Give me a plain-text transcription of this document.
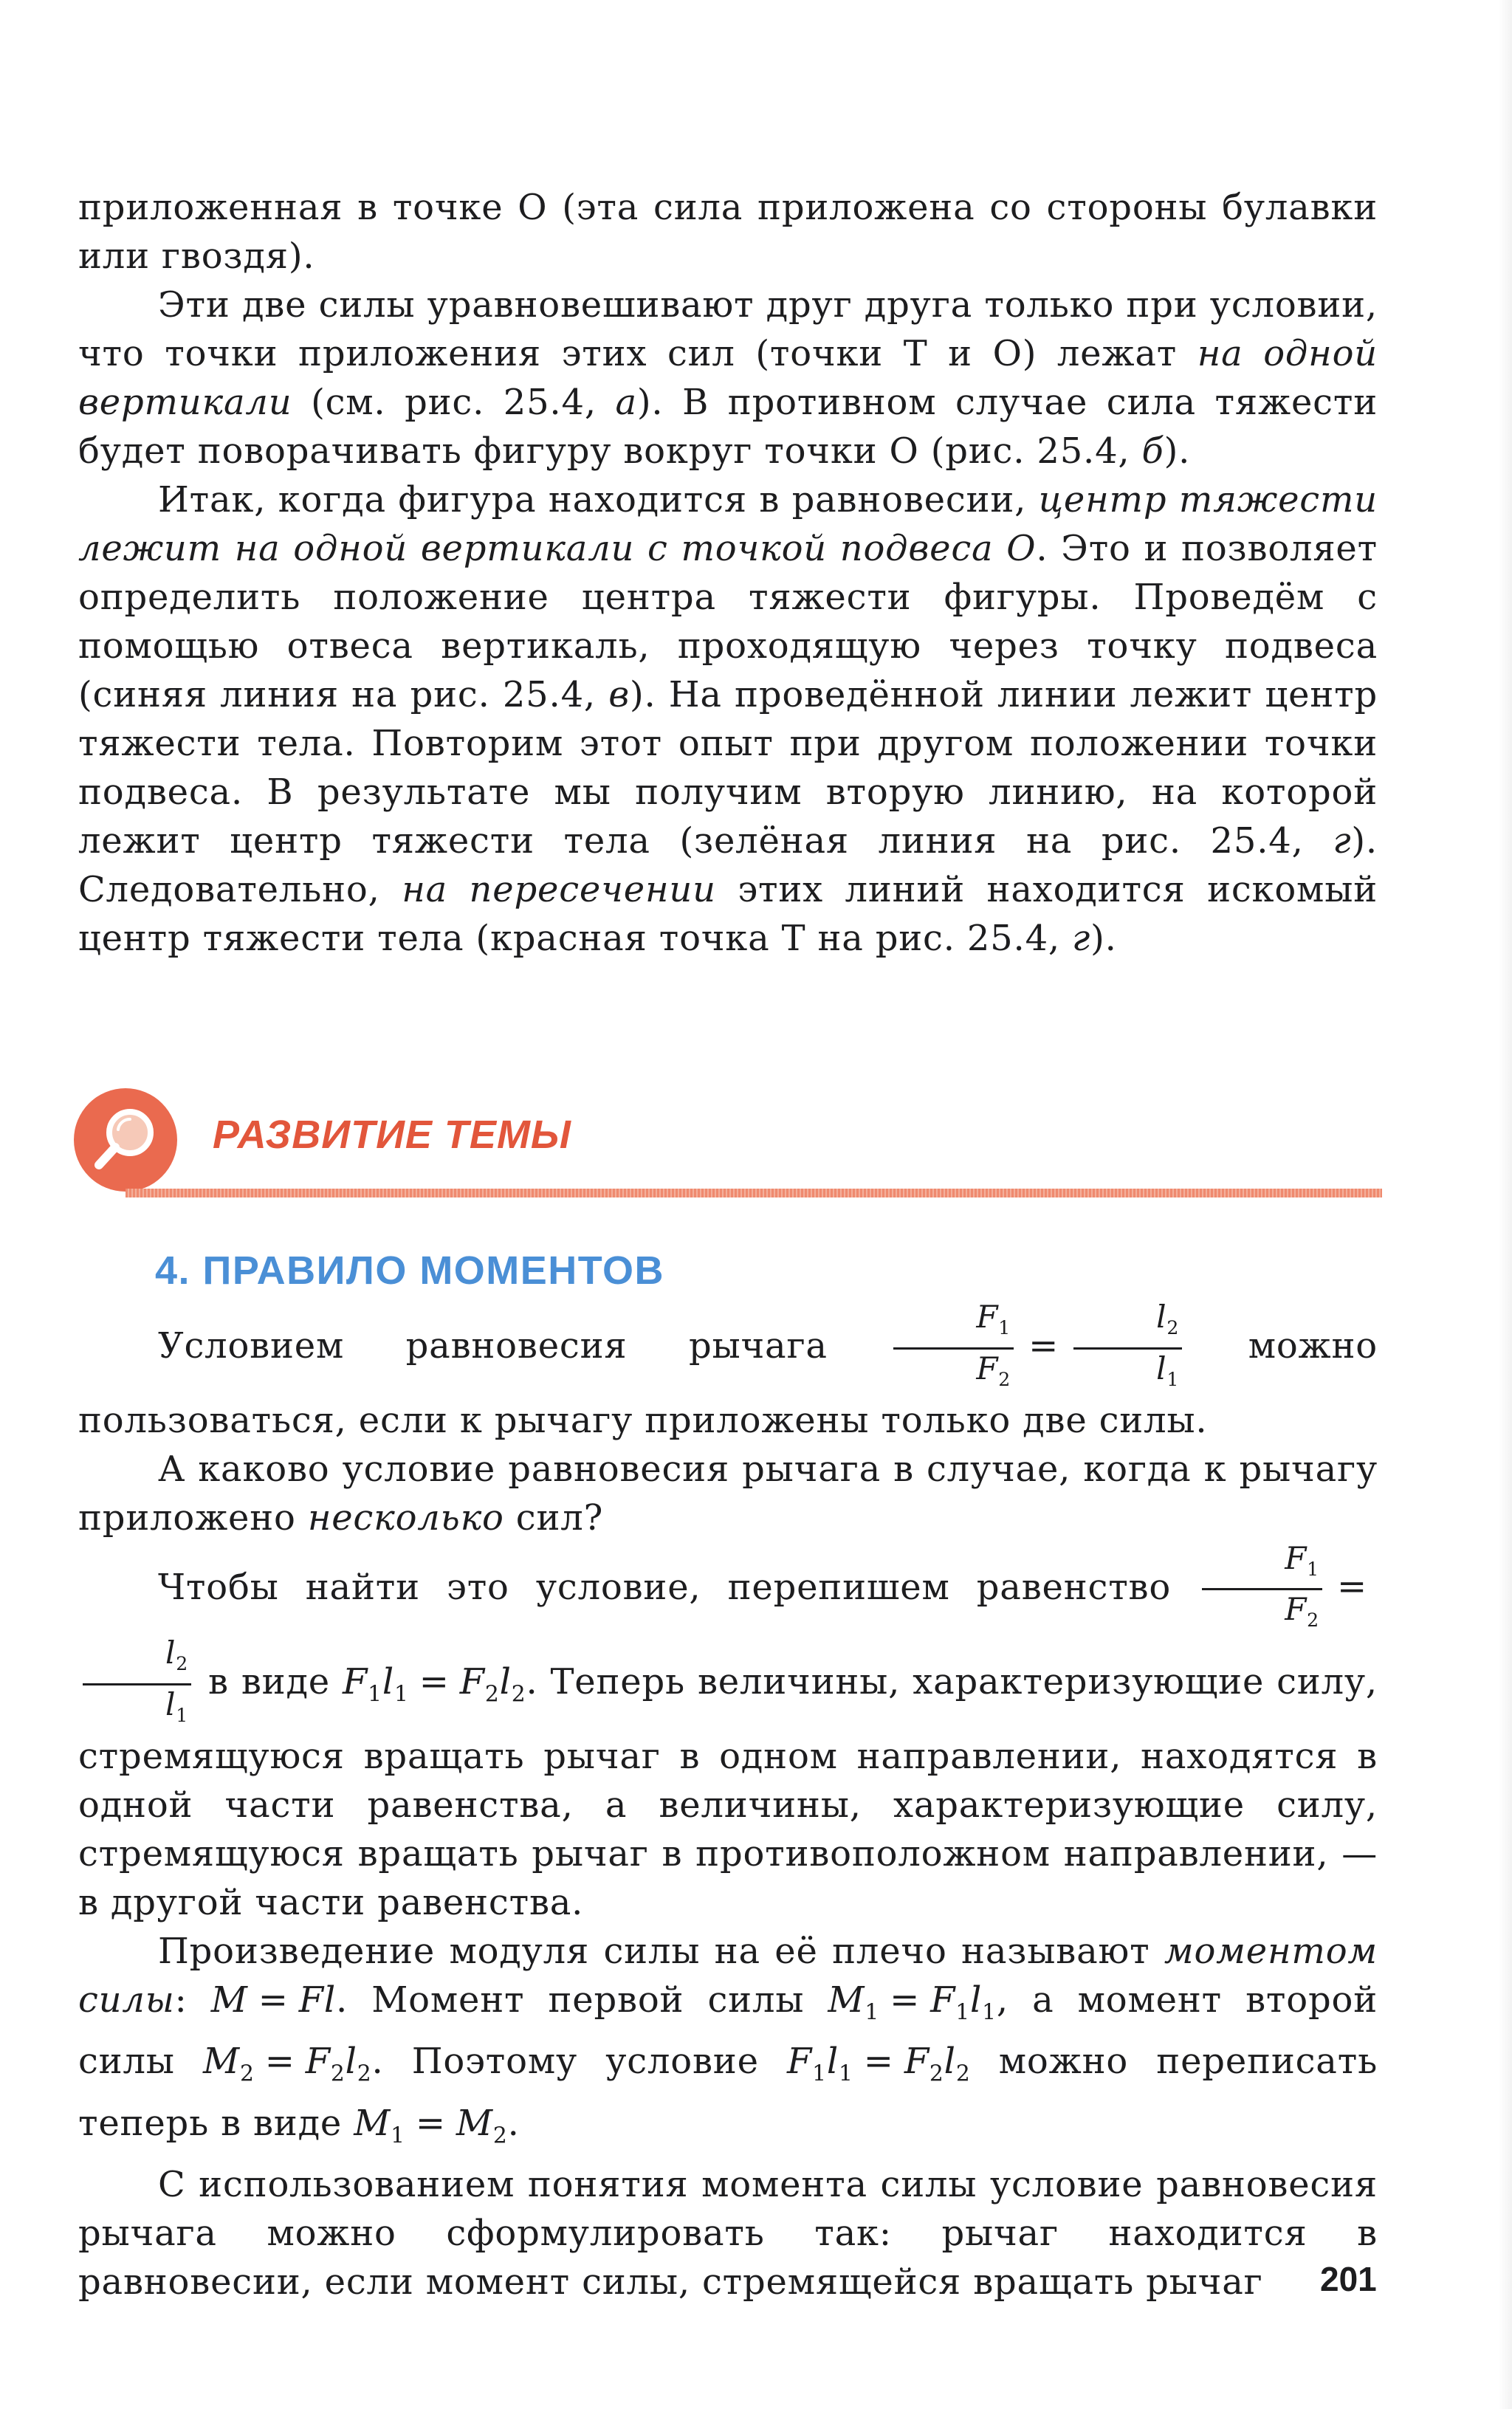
приложенная в точке O (эта сила приложена со стороны булавки или гвоздя).

Эти две силы уравновешивают друг друга только при условии, что точки приложения этих сил (точки T и O) лежат на одной вертикали (см. рис. 25.4, а). В противном случае сила тяжести будет поворачивать фигуру вокруг точки O (рис. 25.4, б).

Итак, когда фигура находится в равновесии, центр тяжести лежит на одной вертикали с точкой подвеса O. Это и позволяет определить положение центра тяжести фигуры. Проведём с помощью отвеса вертикаль, проходящую через точку подвеса (синяя линия на рис. 25.4, в). На проведённой линии лежит центр тяжести тела. Повторим этот опыт при другом положении точки подвеса. В результате мы получим вторую линию, на которой лежит центр тяжести тела (зелёная линия на рис. 25.4, г). Следовательно, на пересечении этих линий находится искомый центр тяжести тела (красная точка T на рис. 25.4, г).

РАЗВИТИЕ ТЕМЫ
4. ПРАВИЛО МОМЕНТОВ

Условием равновесия рычага $\frac{F_1}{F_2} = \frac{l_2}{l_1}$ можно пользоваться, если к рычагу приложены только две силы.

А каково условие равновесия рычага в случае, когда к рычагу приложено несколько сил?

Чтобы найти это условие, перепишем равенство $\frac{F_1}{F_2}$ =
$\frac{l_2}{l_1}$ в виде $F_1l_1 = F_2l_2$. Теперь величины, характеризующие силу, стремящуюся вращать рычаг в одном направлении, находятся в одной части равенства, а величины, характеризующие силу, стремящуюся вращать рычаг в противоположном направлении, — в другой части равенства.

Произведение модуля силы на её плечо называют моментом силы: M = Fl. Момент первой силы $M_1 = F_1l_1$, а момент второй силы $M_2 = F_2l_2$. Поэтому условие $F_1l_1 = F_2l_2$ можно переписать теперь в виде $M_1 = M_2$.

С использованием понятия момента силы условие равновесия рычага можно сформулировать так: рычаг находится в равновесии, если момент силы, стремящейся вращать рычаг	201
